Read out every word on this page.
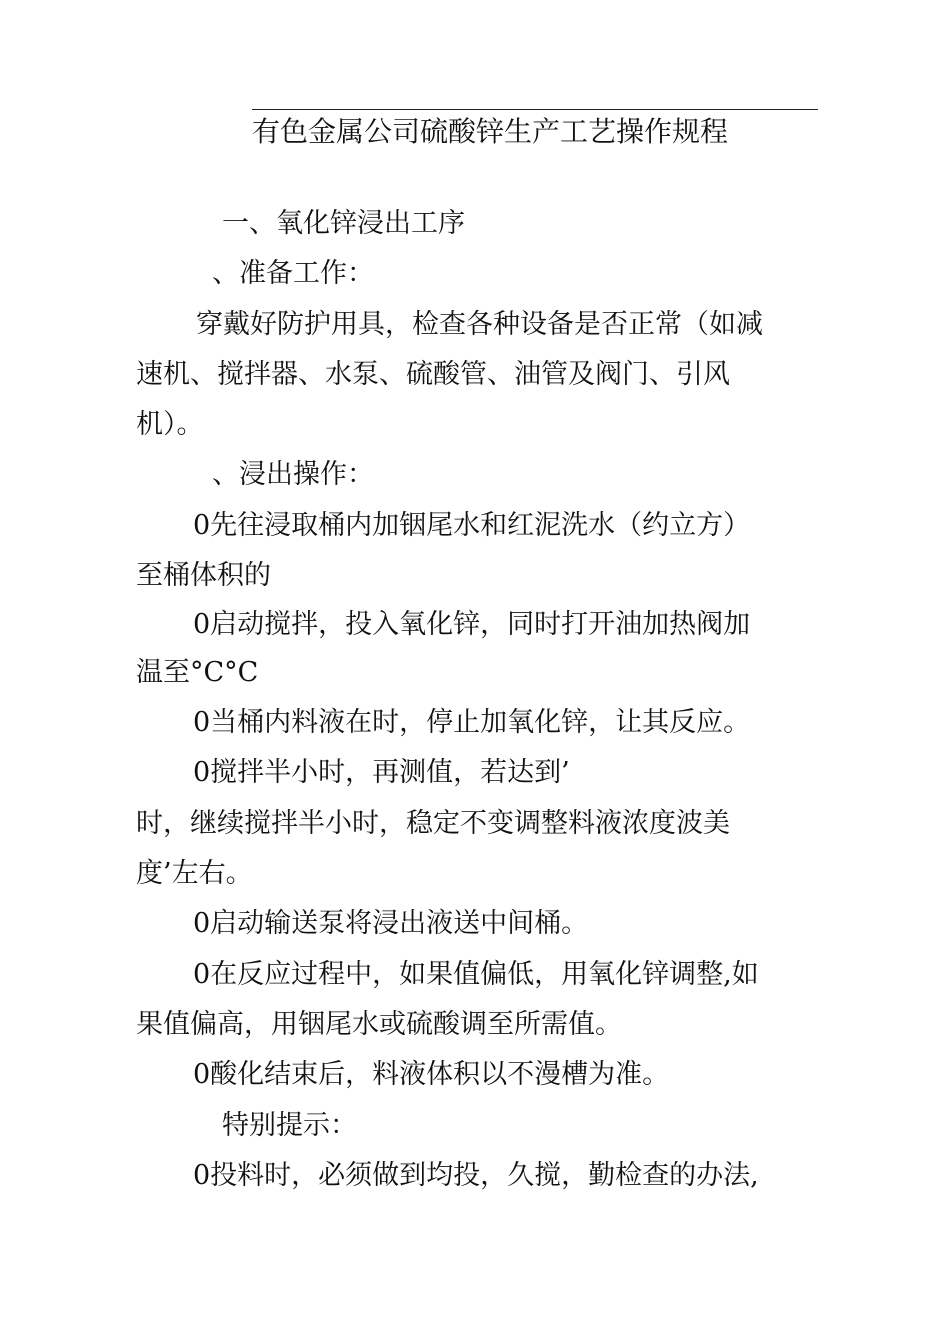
有色金属公司硫酸锌生产工艺操作规程
一、氧化锌浸出工序
、准备工作：
穿戴好防护用具，检查各种设备是否正常（如减
速机、搅拌器、水泵、硫酸管、油管及阀门、引风
机）。
、浸出操作：
0先往浸取桶内加铟尾水和红泥洗水（约立方）
至桶体积的
0启动搅拌，投入氧化锌，同时打开油加热阀加
温至°C°C
0当桶内料液在时，停止加氧化锌，让其反应。
0搅拌半小时，再测值，若达到’
时，继续搅拌半小时，稳定不变调整料液浓度波美
度’左右。
0启动输送泵将浸出液送中间桶。
0在反应过程中，如果值偏低，用氧化锌调整,如
果值偏高，用铟尾水或硫酸调至所需值。
0酸化结束后，料液体积以不漫槽为准。
特别提示：
0投料时，必须做到均投，久搅，勤检查的办法,
